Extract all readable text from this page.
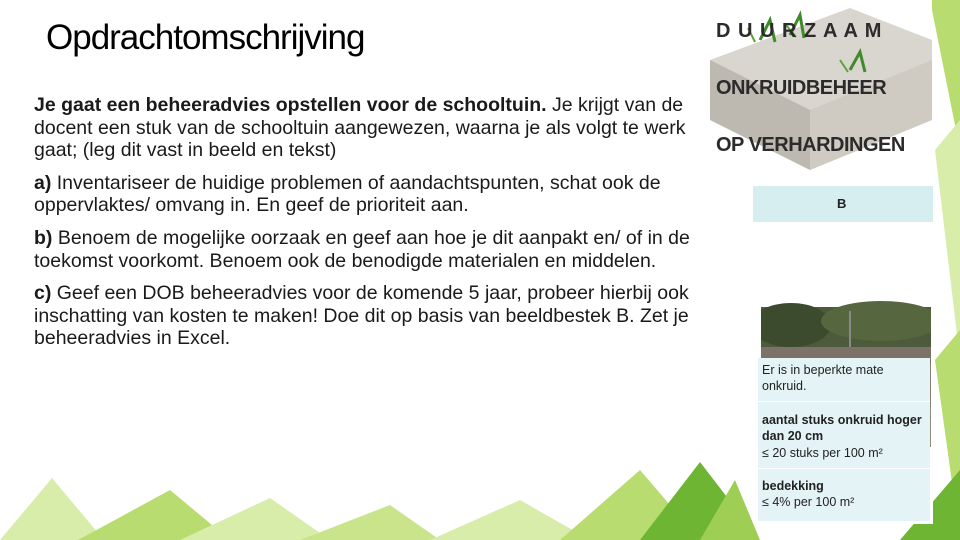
Opdrachtomschrijving

Je gaat een beheeradvies opstellen voor de schooltuin. Je krijgt van de docent een stuk van de schooltuin aangewezen, waarna je als volgt te werk gaat; (leg dit vast in beeld en tekst)

a) Inventariseer de huidige problemen of aandachtspunten, schat ook de oppervlaktes/ omvang in. En geef de prioriteit aan.

b) Benoem de mogelijke oorzaak en geef aan hoe je dit aanpakt en/ of in de toekomst voorkomt. Benoem ook de benodigde materialen en middelen.

c) Geef een DOB beheeradvies voor de komende 5 jaar, probeer hierbij ook inschatting van kosten te maken! Doe dit op basis van beeldbestek B. Zet je beheeradvies in Excel.

D U U R Z A A M
ONKRUIDBEHEER
OP VERHARDINGEN
B
Er is in beperkte mate onkruid.
aantal stuks onkruid hoger dan 20 cm
≤ 20 stuks per 100 m²
bedekking
≤ 4% per 100 m²
